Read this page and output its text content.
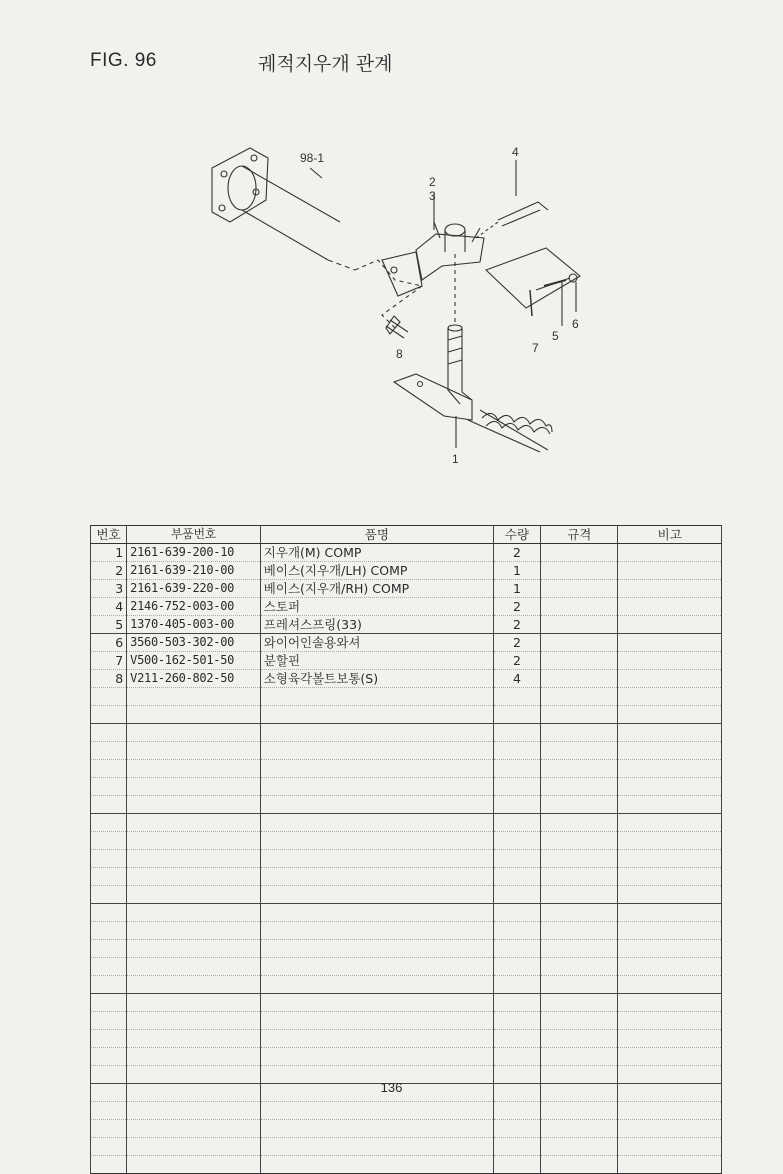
FIG. 96	궤적지우개 관계
98-1	4
2
3
8	7
5
6
1
번호	부품번호	품명	수량	규격	비고
1	2161-639-200-10	지우개(M) COMP	2		
2	2161-639-210-00	베이스(지우개/LH) COMP	1		
3	2161-639-220-00	베이스(지우개/RH) COMP	1		
4	2146-752-003-00	스토퍼	2		
5	1370-405-003-00	프레셔스프링(33)	2		
6	3560-503-302-00	와이어인솔용와셔	2		
7	V500-162-501-50	분할핀	2		
8	V211-260-802-50	소형육각볼트보통(S)	4		

136
